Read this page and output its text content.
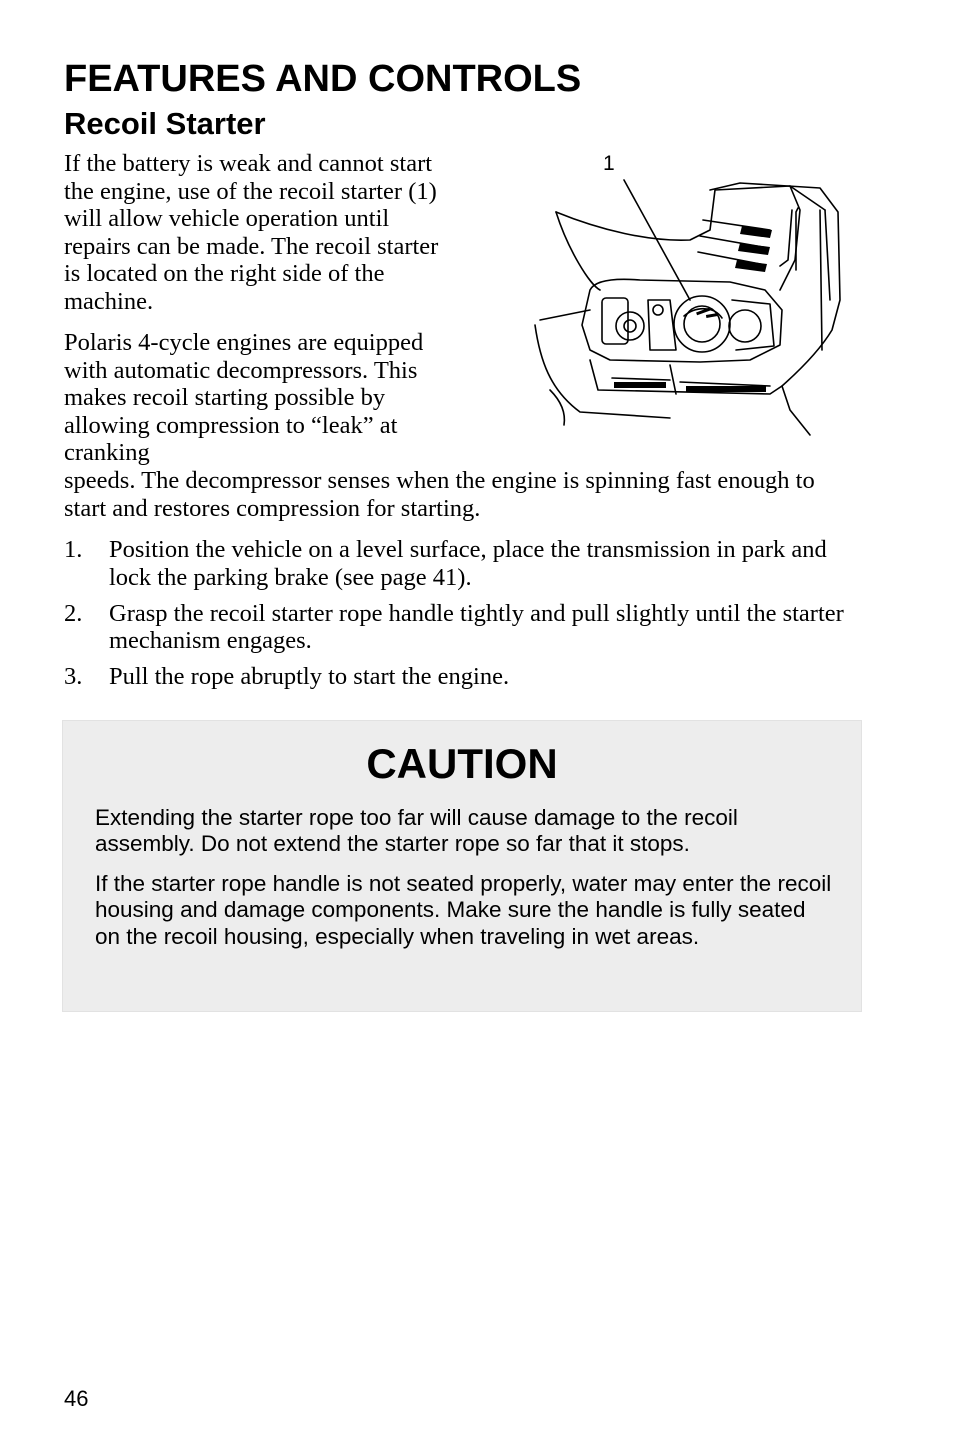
FEATURES AND CONTROLS
Recoil Starter

If the battery is weak and cannot start the engine, use of the recoil starter (1) will allow vehicle operation until repairs can be made. The recoil starter is located on the right side of the machine.

Polaris 4-cycle engines are equipped with automatic decompressors. This makes recoil starting possible by allowing compression to “leak” at cranking
speeds. The decompressor senses when the engine is spinning fast enough to start and restores compression for starting.

1
1. Position the vehicle on a level surface, place the transmission in park and lock the parking brake (see page 41).
2. Grasp the recoil starter rope handle tightly and pull slightly until the starter mechanism engages.
3. Pull the rope abruptly to start the engine.
CAUTION

Extending the starter rope too far will cause damage to the recoil assembly. Do not extend the starter rope so far that it stops.

If the starter rope handle is not seated properly, water may enter the recoil housing and damage components. Make sure the handle is fully seated on the recoil housing, especially when traveling in wet areas.

46
